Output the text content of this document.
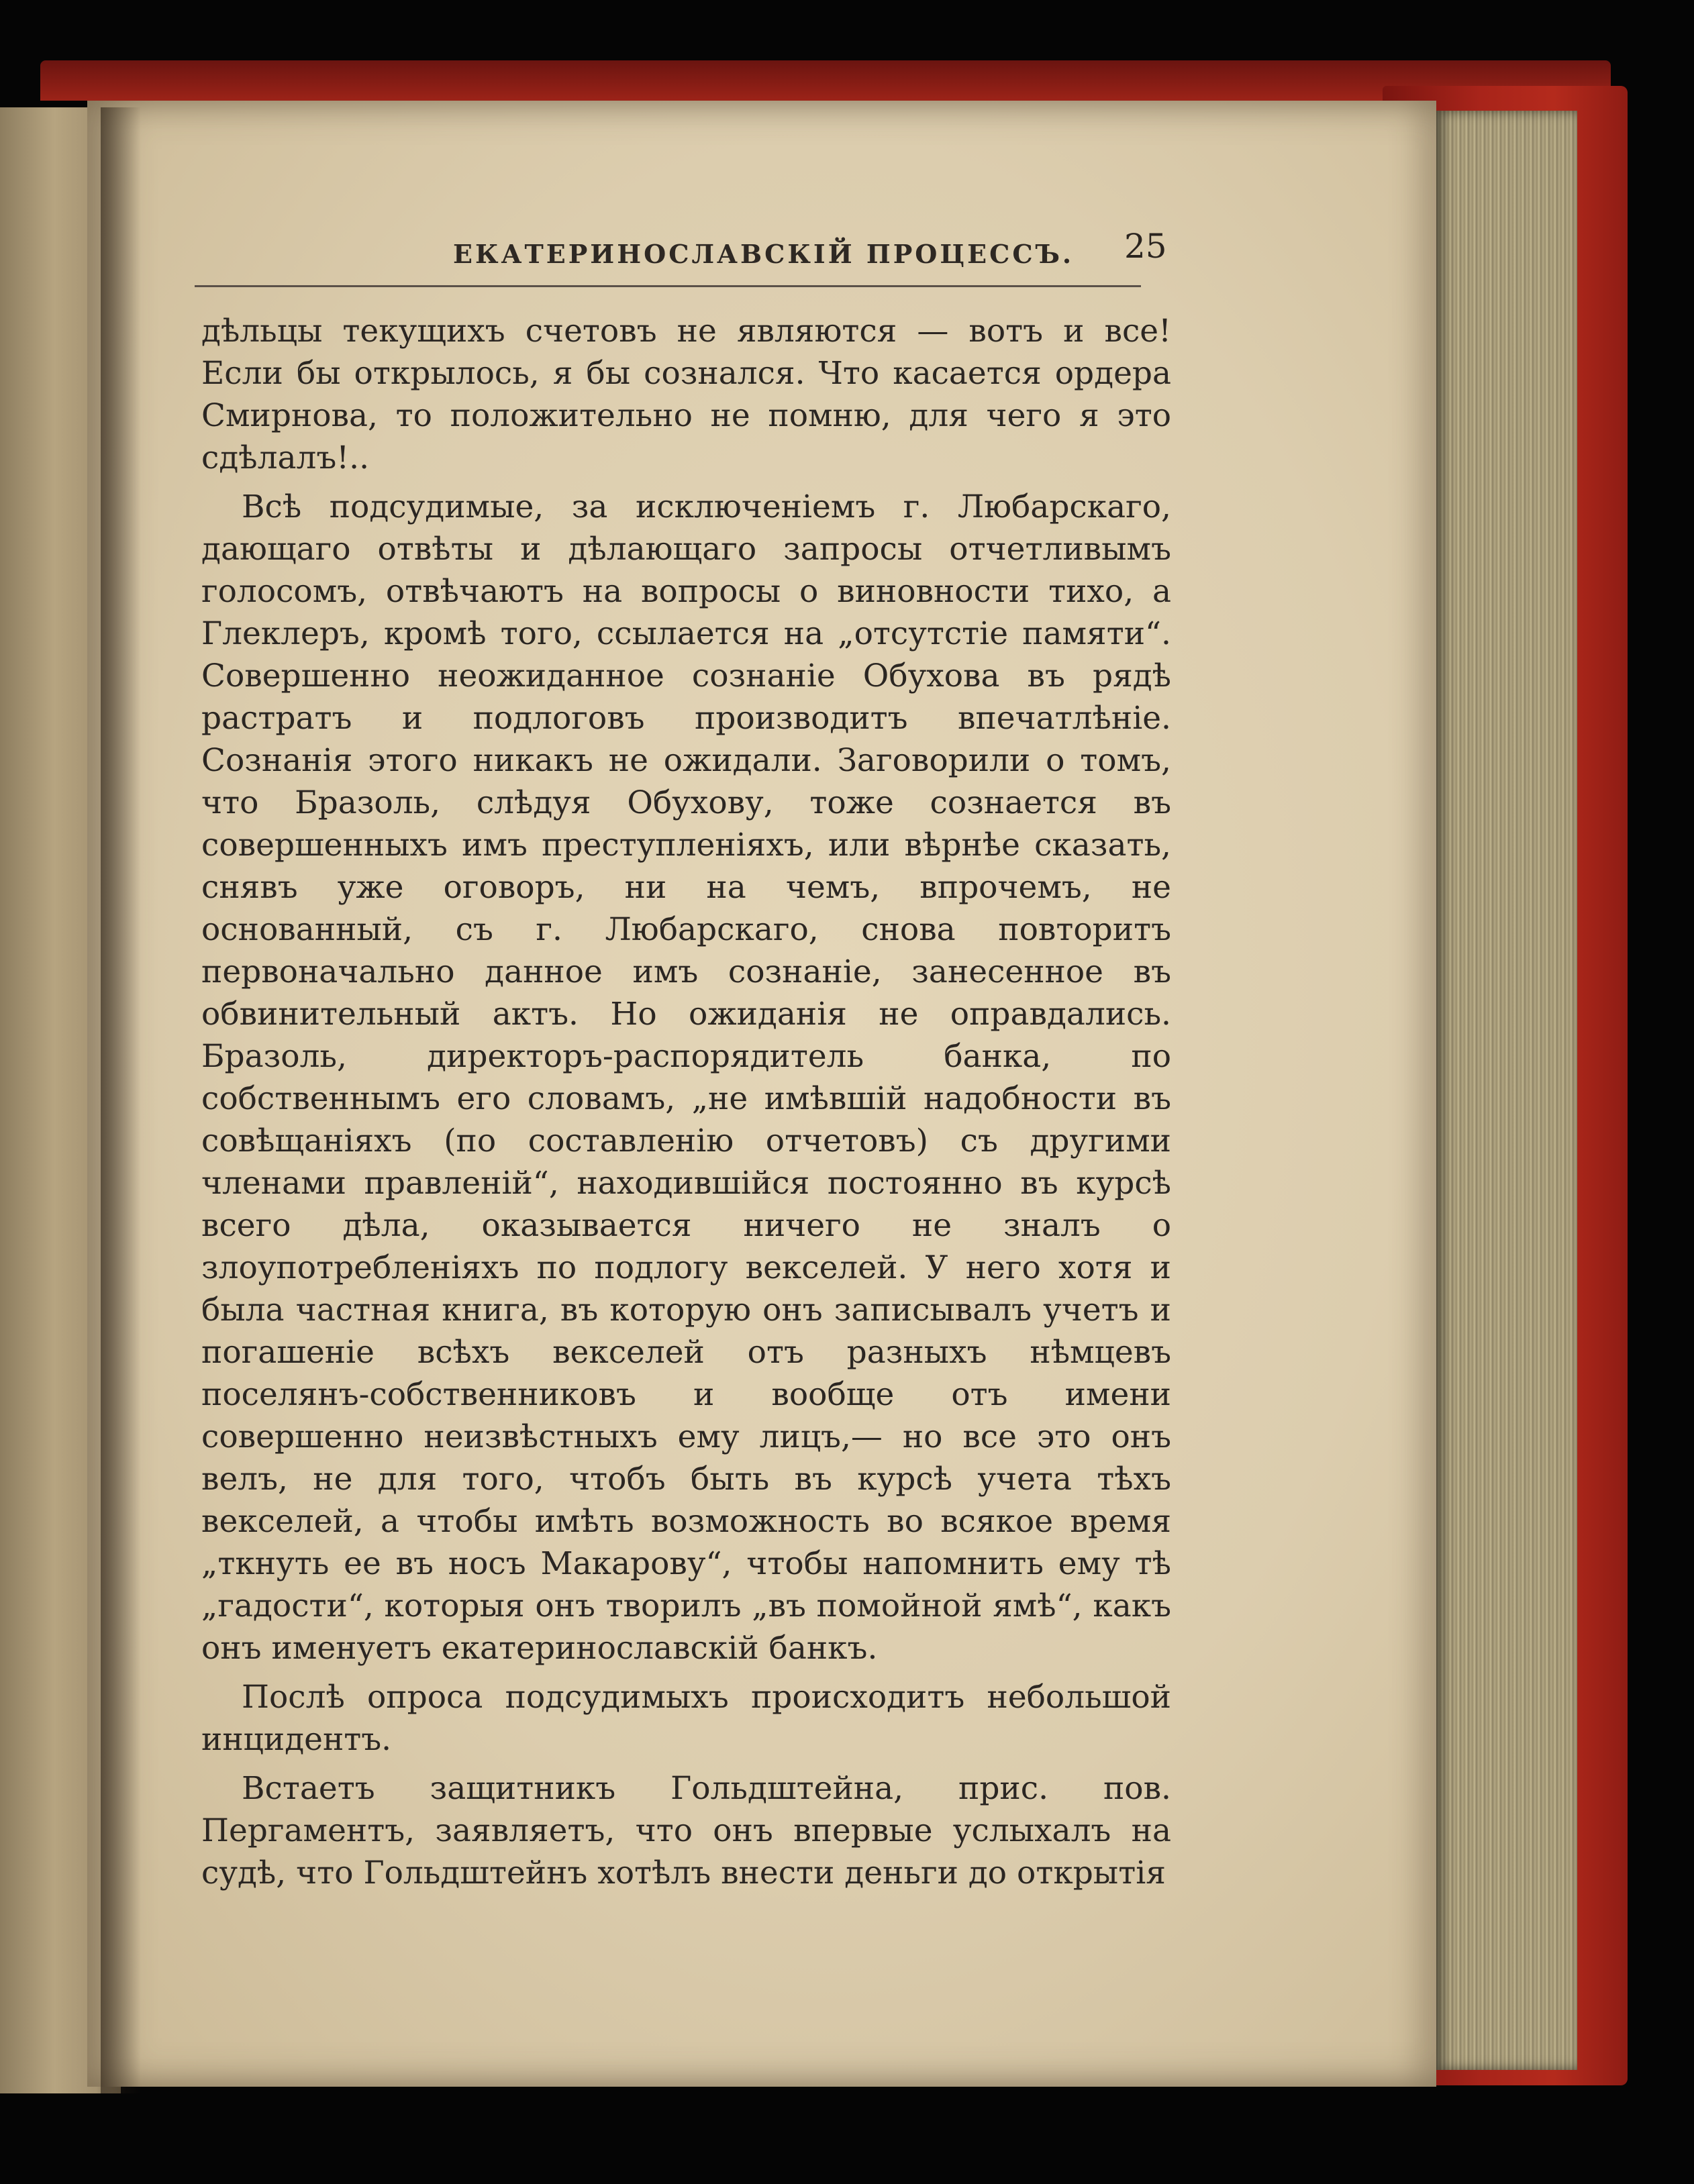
ЕКАТЕРИНОСЛАВСКІЙ ПРОЦЕССЪ. 25

дѣльцы текущихъ счетовъ не являются — вотъ и все! Если бы открылось, я бы сознался. Что касается ордера Смирнова, то положительно не помню, для чего я это сдѣлалъ!..

Всѣ подсудимые, за исключеніемъ г. Любарскаго, дающаго отвѣты и дѣлающаго запросы отчетливымъ голосомъ, отвѣчаютъ на вопросы о виновности тихо, а Глеклеръ, кромѣ того, ссылается на „отсутстіе памяти“. Совершенно неожиданное сознаніе Обухова въ рядѣ растратъ и подлоговъ производитъ впечатлѣніе. Сознанія этого никакъ не ожидали. Заговорили о томъ, что Бразоль, слѣдуя Обухову, тоже сознается въ совершенныхъ имъ преступленіяхъ, или вѣрнѣе сказать, снявъ уже оговоръ, ни на чемъ, впрочемъ, не основанный, съ г. Любарскаго, снова повторитъ первоначально данное имъ сознаніе, занесенное въ обвинительный актъ. Но ожиданія не оправдались. Бразоль, директоръ-распорядитель банка, по собственнымъ его словамъ, „не имѣвшій надобности въ совѣщаніяхъ (по составленію отчетовъ) съ другими членами правленій“, находившійся постоянно въ курсѣ всего дѣла, оказывается ничего не зналъ о злоупотребленіяхъ по подлогу векселей. У него хотя и была частная книга, въ которую онъ записывалъ учетъ и погашеніе всѣхъ векселей отъ разныхъ нѣмцевъ поселянъ-собственниковъ и вообще отъ имени совершенно неизвѣстныхъ ему лицъ,— но все это онъ велъ, не для того, чтобъ быть въ курсѣ учета тѣхъ векселей, а чтобы имѣть возможность во всякое время „ткнуть ее въ носъ Макарову“, чтобы напомнить ему тѣ „гадости“, которыя онъ творилъ „въ помойной ямѣ“, какъ онъ именуетъ екатеринославскій банкъ.

Послѣ опроса подсудимыхъ происходитъ небольшой инцидентъ.

Встаетъ защитникъ Гольдштейна, прис. пов. Пергаментъ, заявляетъ, что онъ впервые услыхалъ на судѣ, что Гольдштейнъ хотѣлъ внести деньги до открытія
